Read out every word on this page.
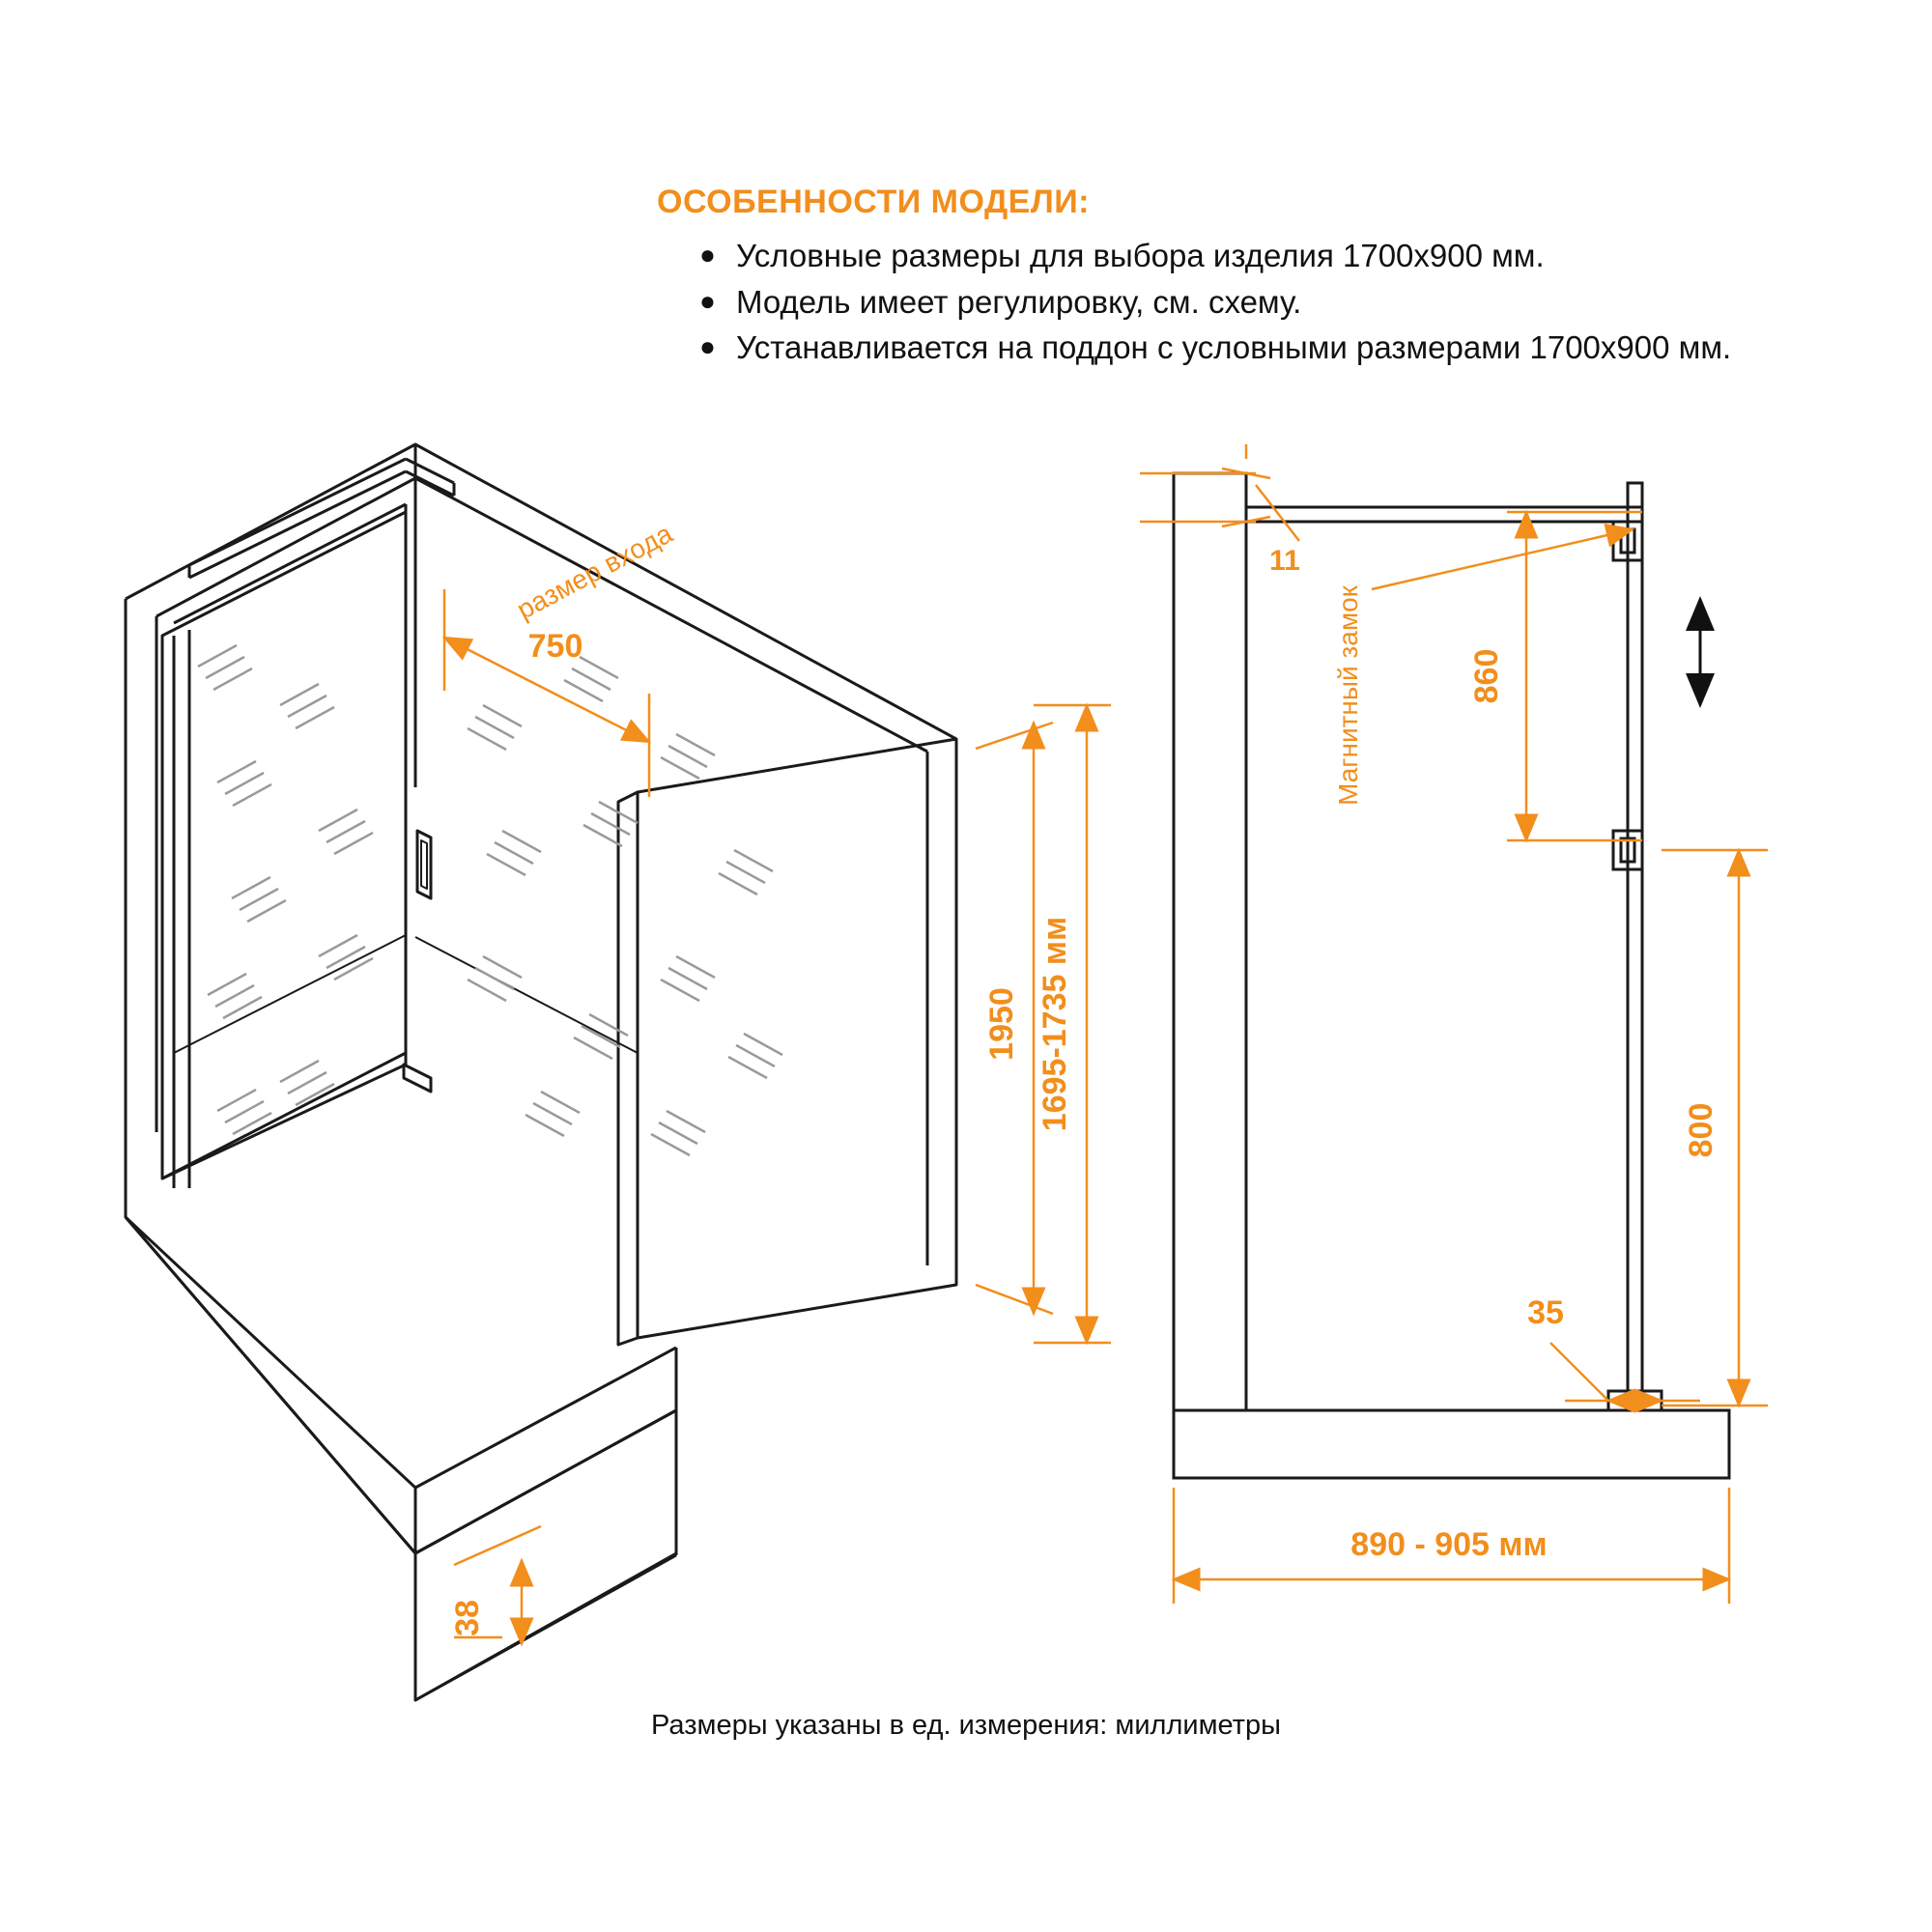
ОСОБЕННОСТИ МОДЕЛИ:
● Условные размеры для выбора изделия 1700x900 мм.
● Модель имеет регулировку, см. схему.
● Устанавливается на поддон с условными размерами 1700x900 мм.
750
размер входа
1950 1695-1735 мм
38
11
Магнитный замок	860
800
35
890 - 905 мм
Размеры указаны в ед. измерения: миллиметры
